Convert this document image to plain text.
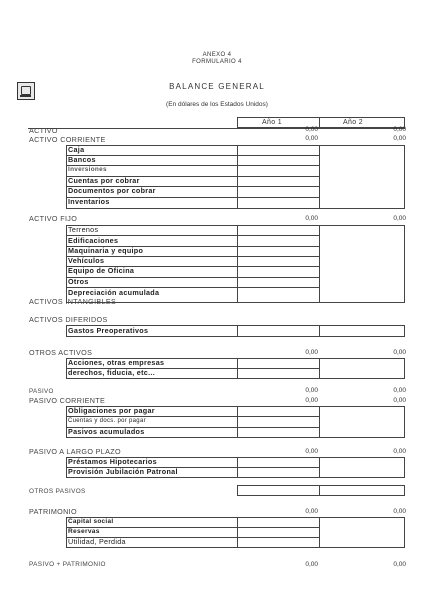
ANEXO 4
FORMULARIO 4
BALANCE GENERAL
(En dólares de los Estados Unidos)
Año 1	Año 2
ACTIVO	0,00	0,00
ACTIVO CORRIENTE	0,00	0,00
Caja
Bancos
Inversiones
Cuentas por cobrar
Documentos por cobrar
Inventarios
ACTIVO FIJO	0,00	0,00
Terrenos
Edificaciones
Maquinaria y equipo
Vehículos
Equipo de Oficina
Otros
Depreciación acumulada
ACTIVOS INTANGIBLES
ACTIVOS DIFERIDOS
Gastos Preoperativos
OTROS ACTIVOS	0,00	0,00
Acciones, otras empresas
derechos, fiducia, etc...
PASIVO	0,00	0,00
PASIVO CORRIENTE	0,00	0,00
Obligaciones por pagar
Cuentas y docs. por pagar
Pasivos acumulados
PASIVO A LARGO PLAZO	0,00	0,00
Préstamos Hipotecarios
Provisión Jubilación Patronal
OTROS PASIVOS
PATRIMONIO	0,00	0,00
Capital social
Reservas
Utilidad, Perdida
PASIVO + PATRIMONIO	0,00	0,00
